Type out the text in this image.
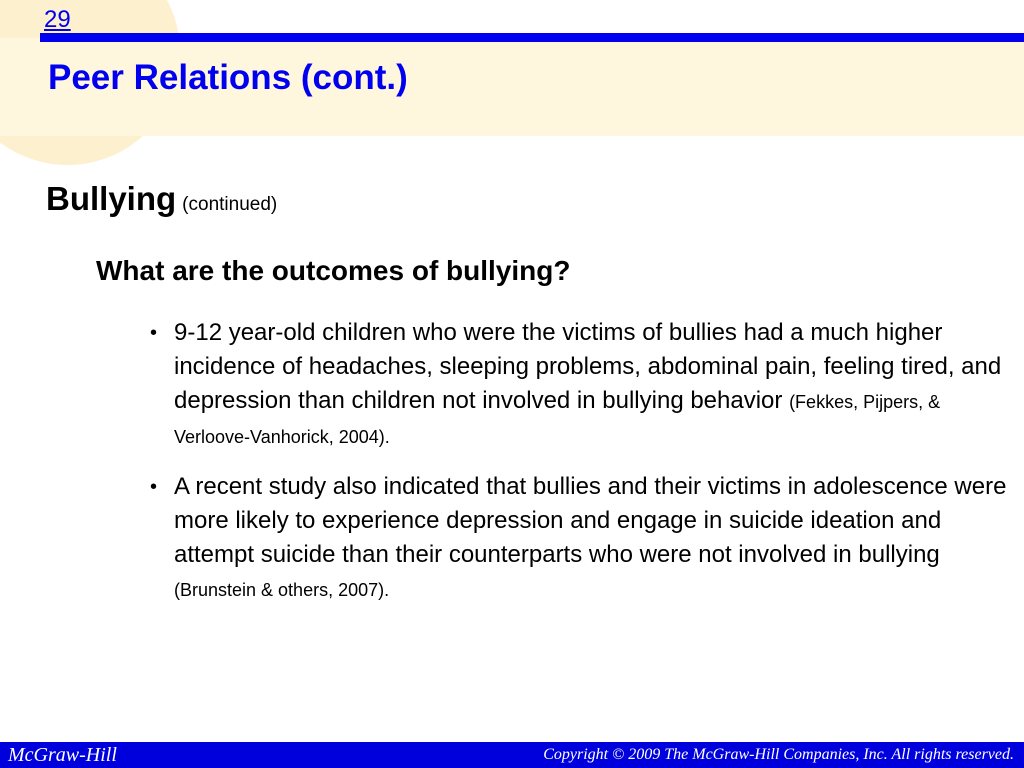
29
Peer Relations (cont.)
Bullying (continued)
What are the outcomes of bullying?
• 9-12 year-old children who were the victims of bullies had a much higher incidence of headaches, sleeping problems, abdominal pain, feeling tired, and depression than children not involved in bullying behavior (Fekkes, Pijpers, & Verloove-Vanhorick, 2004).
• A recent study also indicated that bullies and their victims in adolescence were more likely to experience depression and engage in suicide ideation and attempt suicide than their counterparts who were not involved in bullying (Brunstein & others, 2007).
McGraw-Hill	Copyright © 2009 The McGraw-Hill Companies, Inc. All rights reserved.
